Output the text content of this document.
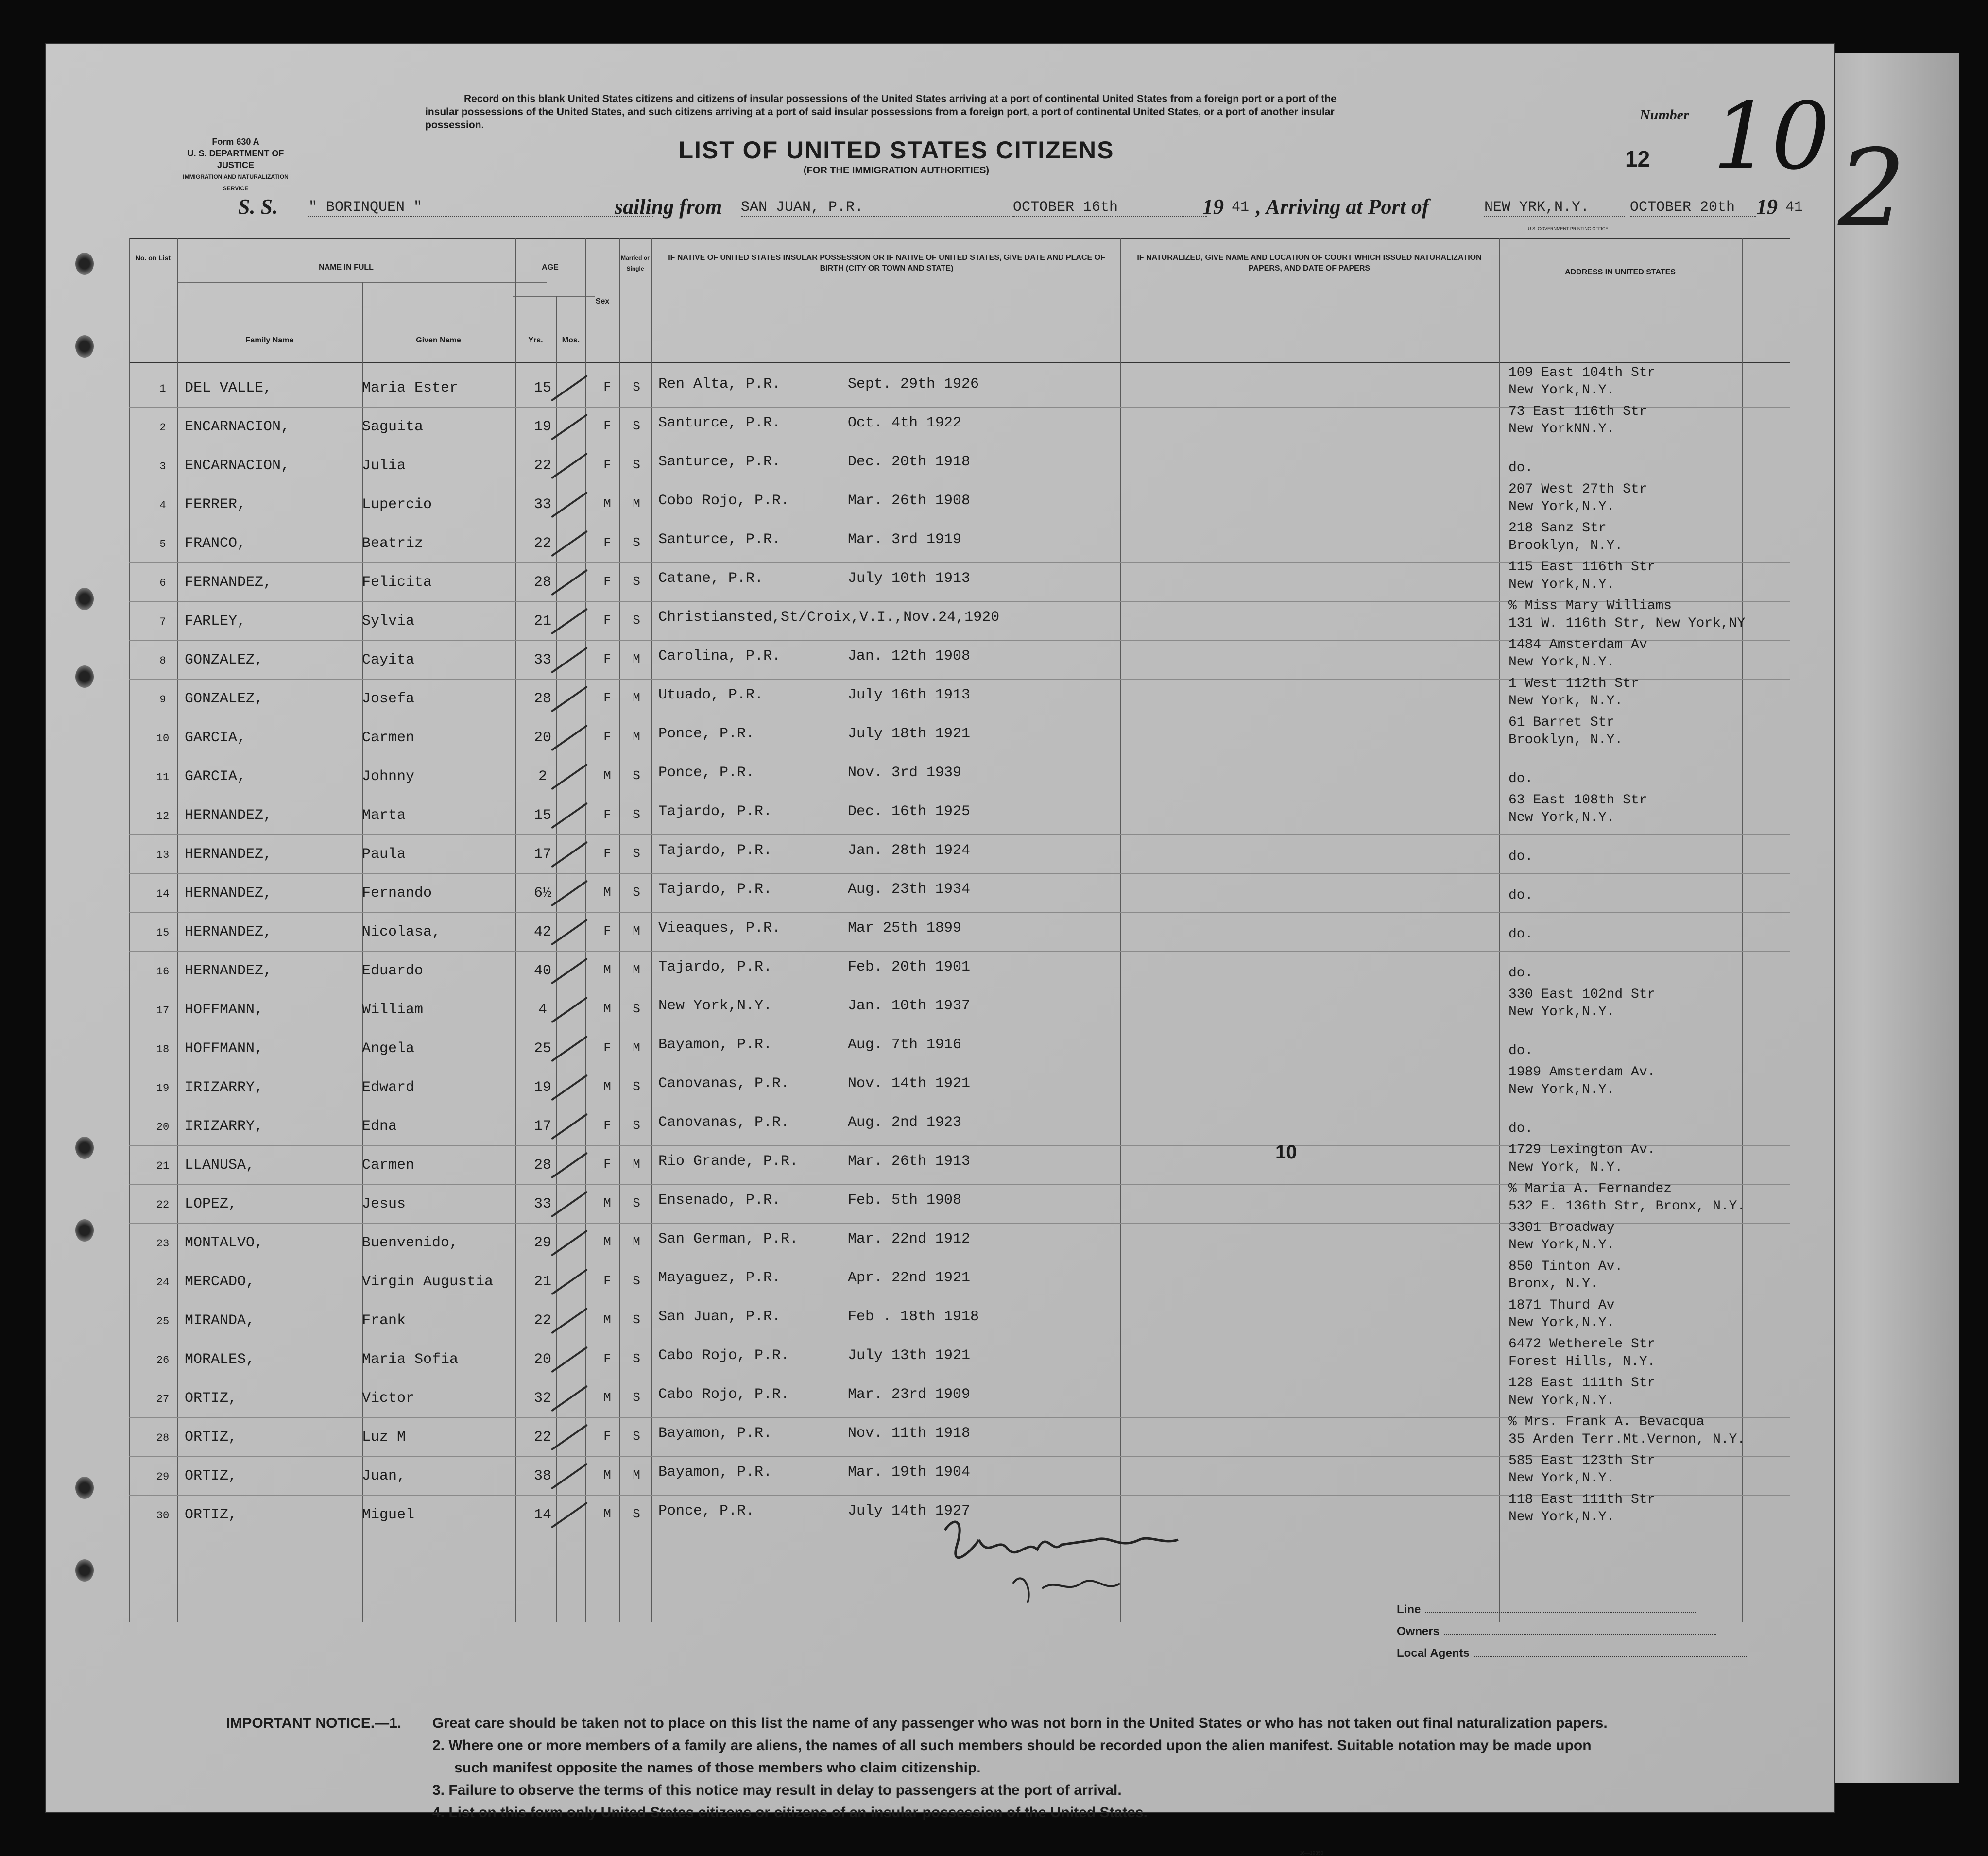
2
Form 630 A
U. S. DEPARTMENT OF JUSTICE
IMMIGRATION AND NATURALIZATION SERVICE
Record on this blank United States citizens and citizens of insular possessions of the United States arriving at a port of continental United States from a foreign port or a port of the insular possessions of the United States, and such citizens arriving at a port of said insular possessions from a foreign port, a port of continental United States, or a port of another insular possession.
LIST OF UNITED STATES CITIZENS
(FOR THE IMMIGRATION AUTHORITIES)
Number 10
12
S. S. " BORINQUEN "	sailing from SAN JUAN, P.R.	OCTOBER 16th	19 41 , Arriving at Port of	NEW YRK,N.Y.	OCTOBER 20th 19 41
U.S. GOVERNMENT PRINTING OFFICE
No. on List
NAME IN FULL
Family Name	Given Name
AGE
Yrs.	Mos.
Sex
Married or Single
IF NATIVE OF UNITED STATES INSULAR POSSESSION OR IF NATIVE OF UNITED STATES, GIVE DATE AND PLACE OF BIRTH (CITY OR TOWN AND STATE)
IF NATURALIZED, GIVE NAME AND LOCATION OF COURT WHICH ISSUED NATURALIZATION PAPERS, AND DATE OF PAPERS	ADDRESS IN UNITED STATES
1	DEL VALLE,	Maria Ester	15	F	S	Ren Alta, P.R.	Sept. 29th 1926
109 East 104th Str
New York,N.Y.
2	ENCARNACION,	Saguita	19	F	S	Santurce, P.R.	Oct. 4th 1922
73 East 116th Str
New YorkNN.Y.
3	ENCARNACION,	Julia	22	F	S	Santurce, P.R.	Dec. 20th 1918	do.
4	FERRER,	Lupercio	33	M	M	Cobo Rojo, P.R.	Mar. 26th 1908
207 West 27th Str
New York,N.Y.
5	FRANCO,	Beatriz	22	F	S	Santurce, P.R.	Mar. 3rd 1919
218 Sanz Str
Brooklyn, N.Y.
6	FERNANDEZ,	Felicita	28	F	S	Catane, P.R.	July 10th 1913
115 East 116th Str
New York,N.Y.
7	FARLEY,	Sylvia	21	F	S	Christiansted,St/Croix,V.I.,Nov.24,1920
% Miss Mary Williams
131 W. 116th Str, New York,NY
8	GONZALEZ,	Cayita	33	F	M	Carolina, P.R.	Jan. 12th 1908
1484 Amsterdam Av
New York,N.Y.
9	GONZALEZ,	Josefa	28	F	M	Utuado, P.R.	July 16th 1913
1 West 112th Str
New York, N.Y.
10	GARCIA,	Carmen	20	F	M	Ponce, P.R.	July 18th 1921
61 Barret Str
Brooklyn, N.Y.
11	GARCIA,	Johnny	2	M	S	Ponce, P.R.	Nov. 3rd 1939	do.
12	HERNANDEZ,	Marta	15	F	S	Tajardo, P.R.	Dec. 16th 1925
63 East 108th Str
New York,N.Y.
13	HERNANDEZ,	Paula	17	F	S	Tajardo, P.R.	Jan. 28th 1924	do.
14	HERNANDEZ,	Fernando	6½	M	S	Tajardo, P.R.	Aug. 23th 1934	do.
15	HERNANDEZ,	Nicolasa,	42	F	M	Vieaques, P.R.	Mar 25th 1899	do.
16	HERNANDEZ,	Eduardo	40	M	M	Tajardo, P.R.	Feb. 20th 1901	do.
17	HOFFMANN,	William	4	M	S	New York,N.Y.	Jan. 10th 1937
330 East 102nd Str
New York,N.Y.
18	HOFFMANN,	Angela	25	F	M	Bayamon, P.R.	Aug. 7th 1916	do.
19	IRIZARRY,	Edward	19	M	S	Canovanas, P.R.	Nov. 14th 1921
1989 Amsterdam Av.
New York,N.Y.
20	IRIZARRY,	Edna	17	F	S	Canovanas, P.R.	Aug. 2nd 1923	do.
21	LLANUSA,	Carmen	28	F	M	Rio Grande, P.R.	Mar. 26th 1913
1729 Lexington Av.
New York, N.Y.
22	LOPEZ,	Jesus	33	M	S	Ensenado, P.R.	Feb. 5th 1908
% Maria A. Fernandez
532 E. 136th Str, Bronx, N.Y.
23	MONTALVO,	Buenvenido,	29	M	M	San German, P.R.	Mar. 22nd 1912
3301 Broadway
New York,N.Y.
24	MERCADO,	Virgin Augustia	21	F	S	Mayaguez, P.R.	Apr. 22nd 1921
850 Tinton Av.
Bronx, N.Y.
25	MIRANDA,	Frank	22	M	S	San Juan, P.R.	Feb . 18th 1918
1871 Thurd Av
New York,N.Y.
26	MORALES,	Maria Sofia	20	F	S	Cabo Rojo, P.R.	July 13th 1921
6472 Wetherele Str
Forest Hills, N.Y.
27	ORTIZ,	Victor	32	M	S	Cabo Rojo, P.R.	Mar. 23rd 1909
128 East 111th Str
New York,N.Y.
28	ORTIZ,	Luz M	22	F	S	Bayamon, P.R.	Nov. 11th 1918
% Mrs. Frank A. Bevacqua
35 Arden Terr.Mt.Vernon, N.Y.
29	ORTIZ,	Juan,	38	M	M	Bayamon, P.R.	Mar. 19th 1904
585 East 123th Str
New York,N.Y.
30	ORTIZ,	Miguel	14	M	S	Ponce, P.R.	July 14th 1927
118 East 111th Str
New York,N.Y.
10
Line
Owners
Local Agents
IMPORTANT NOTICE.—1. Great care should be taken not to place on this list the name of any passenger who was not born in the United States or who has not taken out final naturalization papers.
2. Where one or more members of a family are aliens, the names of all such members should be recorded upon the alien manifest. Suitable notation may be made upon
such manifest opposite the names of those members who claim citizenship.
3. Failure to observe the terms of this notice may result in delay to passengers at the port of arrival.
4. List on this form only United States citizens or citizens of an insular possession of the United States.
16—19350
